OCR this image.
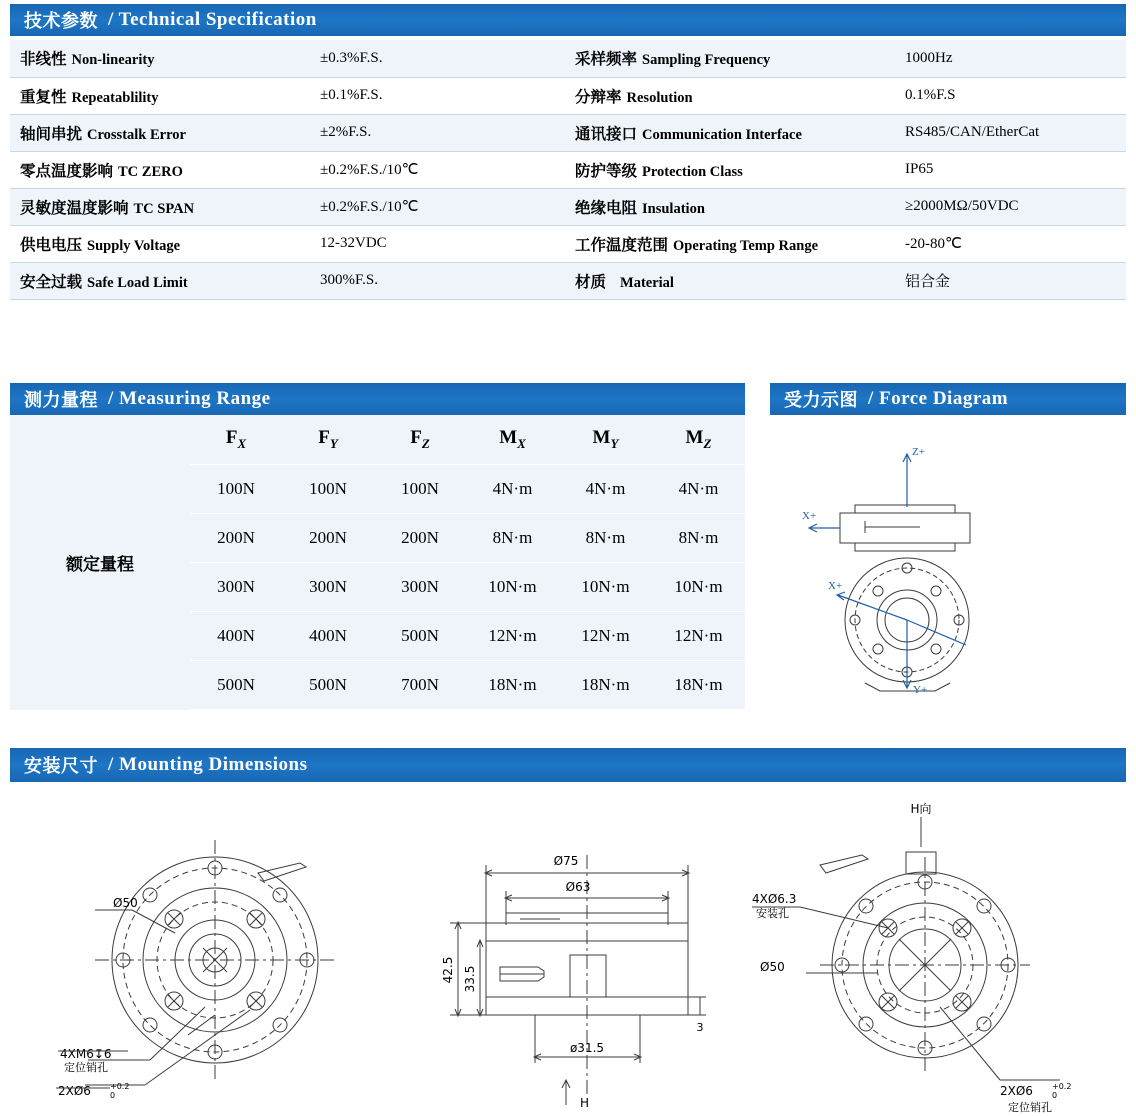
技术参数 / Technical Specification
非线性 Non-linearity	±0.3%F.S.	采样频率 Sampling Frequency	1000Hz
重复性 Repeatablility	±0.1%F.S.	分辩率 Resolution	0.1%F.S
轴间串扰 Crosstalk Error	±2%F.S.	通讯接口 Communication Interface	RS485/CAN/EtherCat
零点温度影响 TC ZERO	±0.2%F.S./10℃	防护等级 Protection Class	IP65
灵敏度温度影响 TC SPAN	±0.2%F.S./10℃	绝缘电阻 Insulation	≥2000MΩ/50VDC
供电电压 Supply Voltage	12-32VDC	工作温度范围 Operating Temp Range	-20-80℃
安全过载 Safe Load Limit	300%F.S.	材质 Material	铝合金
测力量程 / Measuring Range
额定量程	$F_X$	$F_Y$	$F_Z$	$M_X$	$M_Y$	$M_Z$
	100N	100N	100N	4N·m	4N·m	4N·m
	200N	200N	200N	8N·m	8N·m	8N·m
	300N	300N	300N	10N·m	10N·m	10N·m
	400N	400N	500N	12N·m	12N·m	12N·m
	500N	500N	700N	18N·m	18N·m	18N·m
受力示图 / Force Diagram
Z+
X+
X+
Y+
安装尺寸 / Mounting Dimensions
Ø50
4XM6↧6
定位销孔
2XØ6 +0.2
0
Ø75
Ø63
42.5 33.5
ø31.5
3
H
H向
4XØ6.3
安装孔
Ø50
2XØ6 +0.2
0
定位销孔
